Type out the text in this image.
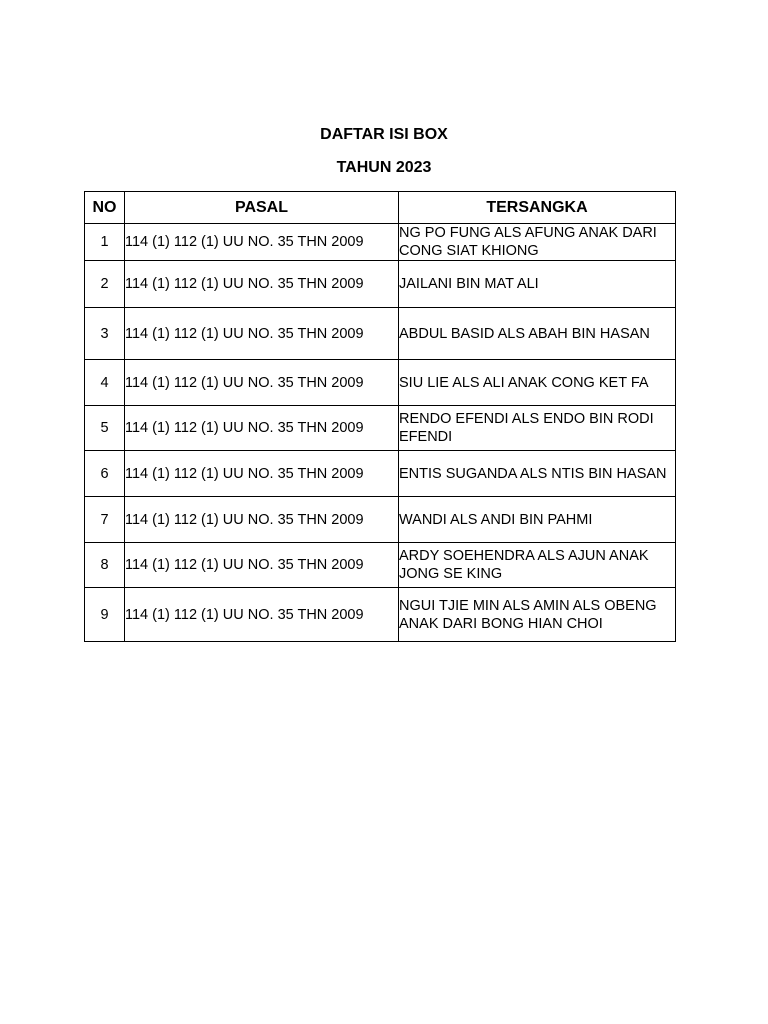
DAFTAR ISI BOX
TAHUN 2023
NO	PASAL	TERSANGKA
1	114 (1) 112 (1) UU NO. 35 THN 2009	NG PO FUNG ALS AFUNG ANAK DARI CONG SIAT KHIONG
2	114 (1) 112 (1) UU NO. 35 THN 2009	JAILANI BIN MAT ALI
3	114 (1) 112 (1) UU NO. 35 THN 2009	ABDUL BASID ALS ABAH BIN HASAN
4	114 (1) 112 (1) UU NO. 35 THN 2009	SIU LIE ALS ALI ANAK CONG KET FA
5	114 (1) 112 (1) UU NO. 35 THN 2009	RENDO EFENDI ALS ENDO BIN RODI EFENDI
6	114 (1) 112 (1) UU NO. 35 THN 2009	ENTIS SUGANDA ALS NTIS BIN HASAN
7	114 (1) 112 (1) UU NO. 35 THN 2009	WANDI ALS ANDI BIN PAHMI
8	114 (1) 112 (1) UU NO. 35 THN 2009	ARDY SOEHENDRA ALS AJUN ANAK JONG SE KING
9	114 (1) 112 (1) UU NO. 35 THN 2009	NGUI TJIE MIN ALS AMIN ALS OBENG ANAK DARI BONG HIAN CHOI
